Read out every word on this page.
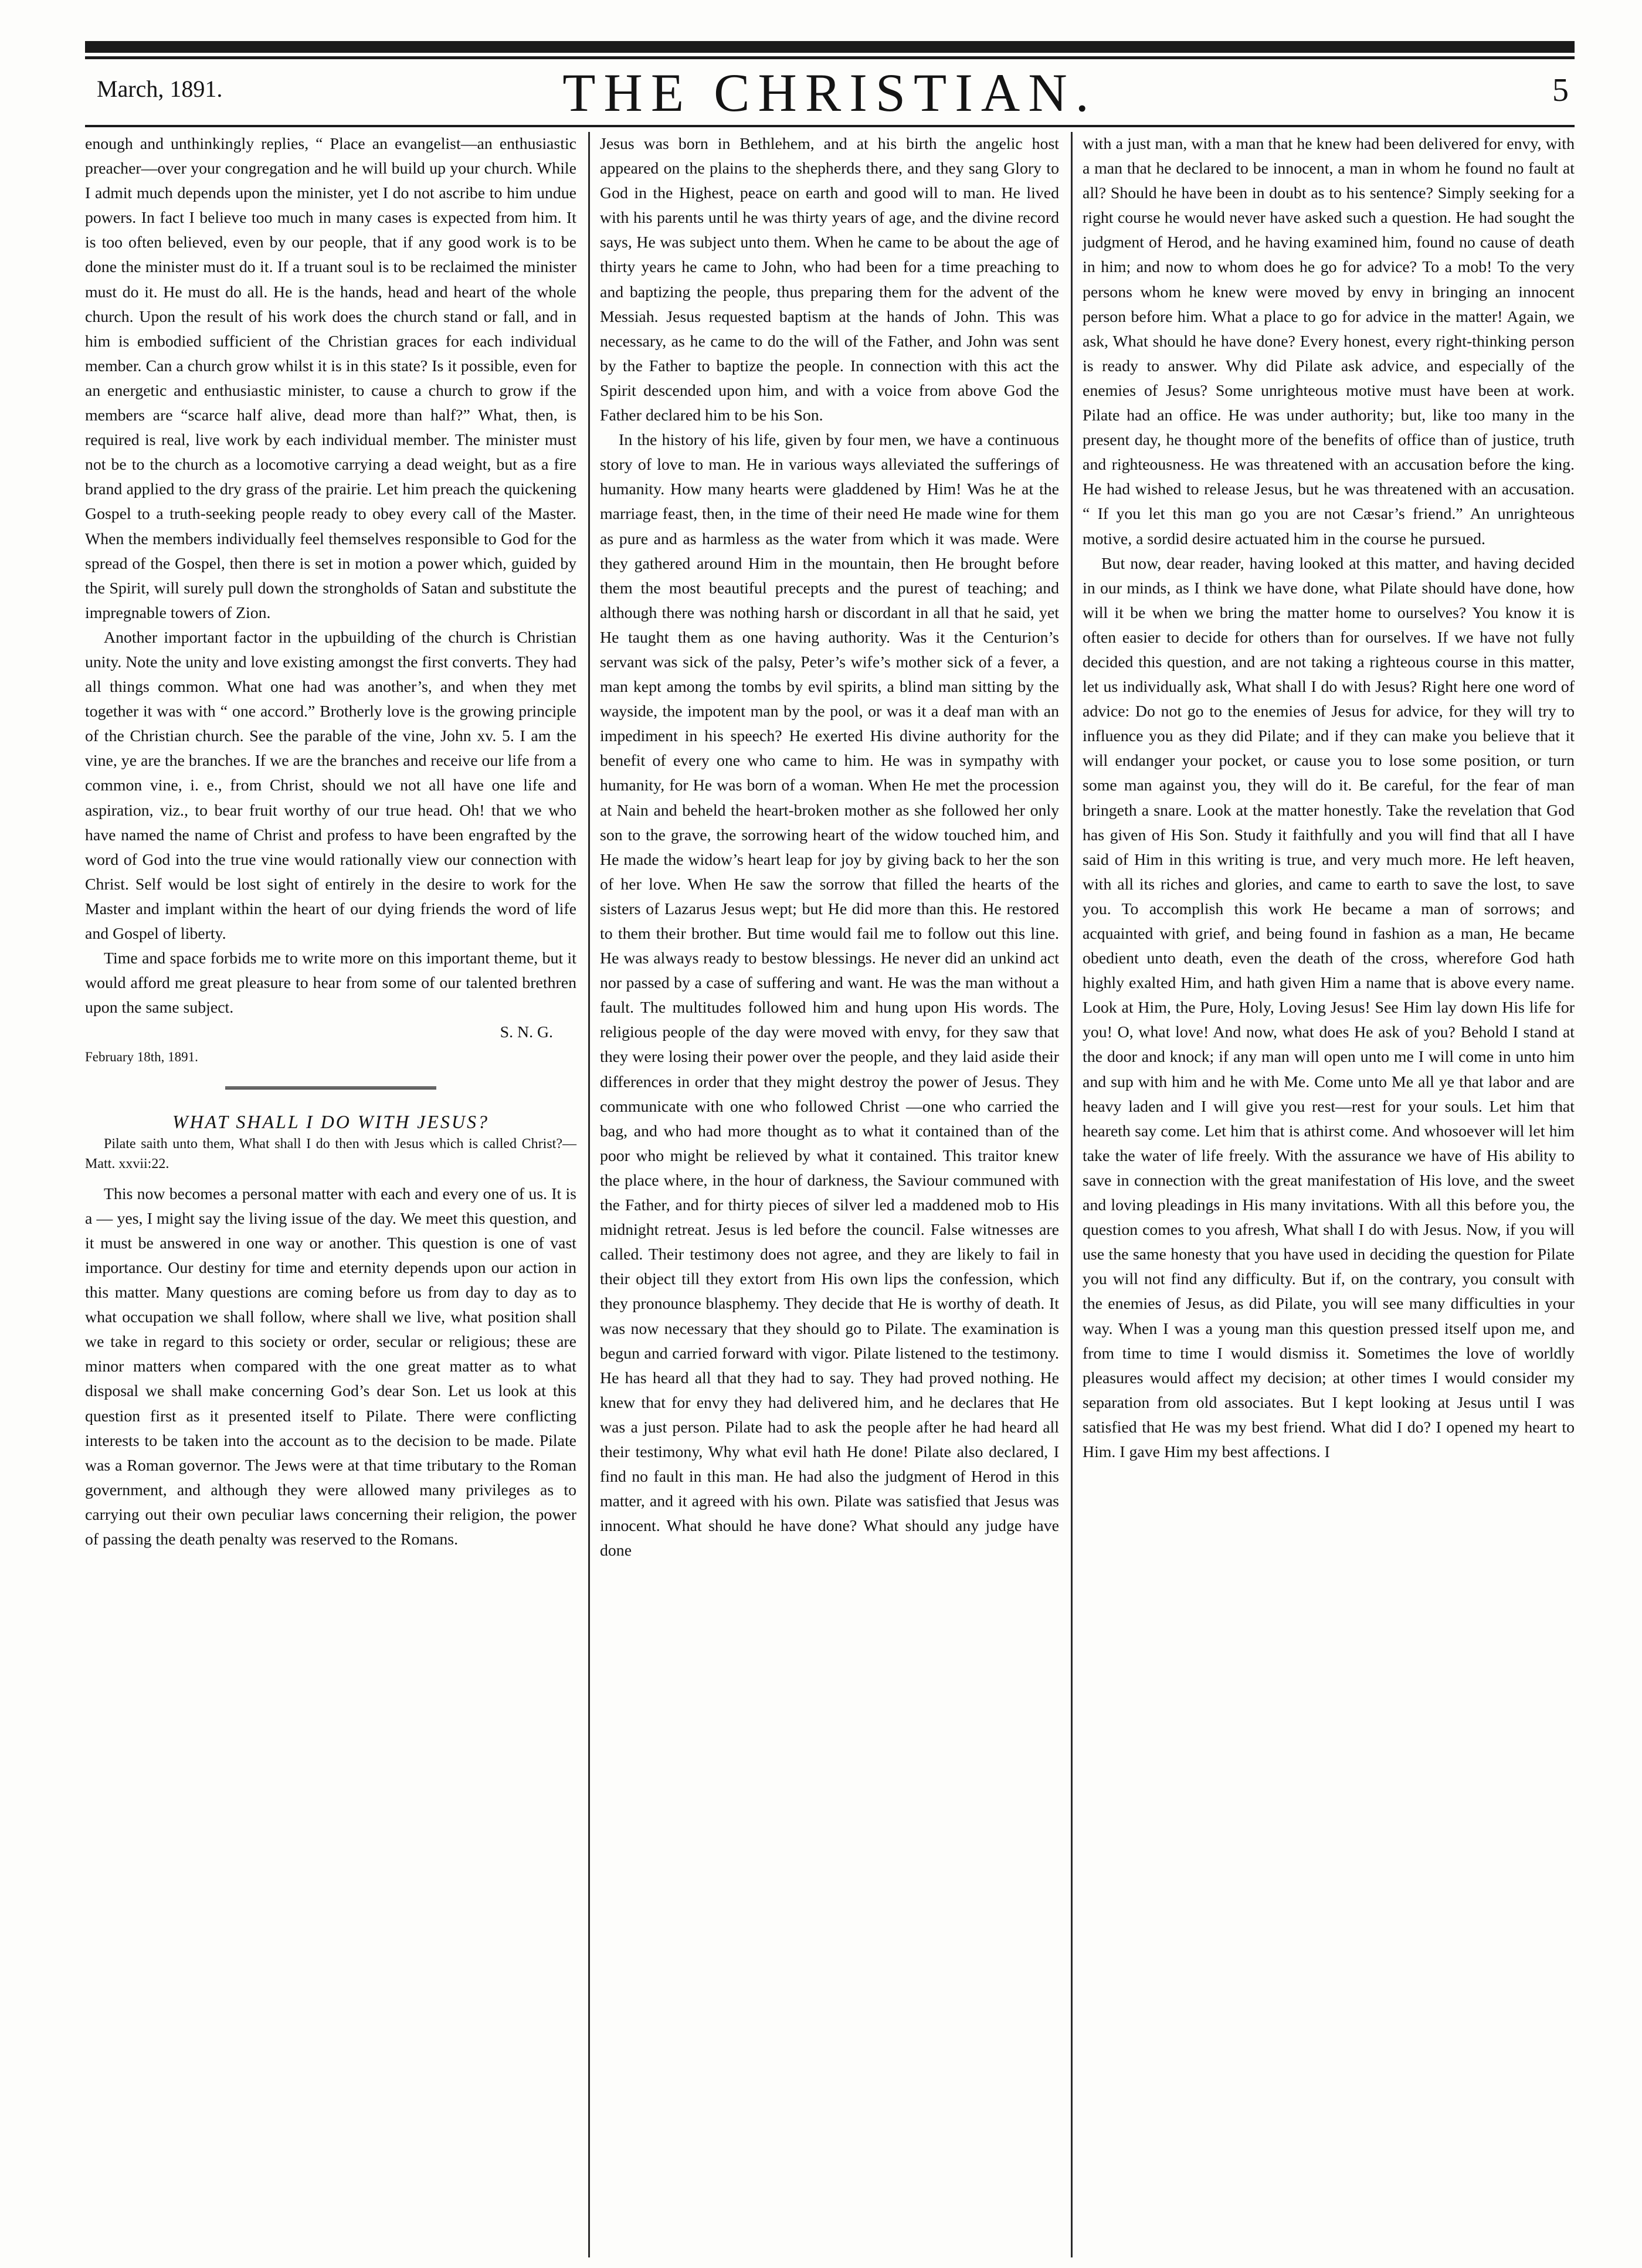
March, 1891.	THE CHRISTIAN.	5

enough and unthinkingly replies, “ Place an evangelist—an enthusiastic preacher—over your congregation and he will build up your church. While I admit much depends upon the minister, yet I do not ascribe to him undue powers. In fact I believe too much in many cases is expected from him. It is too often believed, even by our people, that if any good work is to be done the minister must do it. If a truant soul is to be reclaimed the minister must do it. He must do all. He is the hands, head and heart of the whole church. Upon the result of his work does the church stand or fall, and in him is embodied sufficient of the Christian graces for each individual member. Can a church grow whilst it is in this state? Is it possible, even for an energetic and enthusiastic minister, to cause a church to grow if the members are “scarce half alive, dead more than half?” What, then, is required is real, live work by each individual member. The minister must not be to the church as a locomotive carrying a dead weight, but as a fire brand applied to the dry grass of the prairie. Let him preach the quickening Gospel to a truth-seeking people ready to obey every call of the Master. When the members individually feel themselves responsible to God for the spread of the Gospel, then there is set in motion a power which, guided by the Spirit, will surely pull down the strongholds of Satan and substitute the impregnable towers of Zion.

Another important factor in the upbuilding of the church is Christian unity. Note the unity and love existing amongst the first converts. They had all things common. What one had was another’s, and when they met together it was with “ one accord.” Brotherly love is the growing principle of the Christian church. See the parable of the vine, John xv. 5. I am the vine, ye are the branches. If we are the branches and receive our life from a common vine, i. e., from Christ, should we not all have one life and aspiration, viz., to bear fruit worthy of our true head. Oh! that we who have named the name of Christ and profess to have been engrafted by the word of God into the true vine would rationally view our connection with Christ. Self would be lost sight of entirely in the desire to work for the Master and implant within the heart of our dying friends the word of life and Gospel of liberty.

Time and space forbids me to write more on this important theme, but it would afford me great pleasure to hear from some of our talented brethren upon the same subject.

S. N. G.

February 18th, 1891.

WHAT SHALL I DO WITH JESUS?

Pilate saith unto them, What shall I do then with Jesus which is called Christ?—Matt. xxvii:22.

This now becomes a personal matter with each and every one of us. It is a — yes, I might say the living issue of the day. We meet this question, and it must be answered in one way or another. This question is one of vast importance. Our destiny for time and eternity depends upon our action in this matter. Many questions are coming before us from day to day as to what occupation we shall follow, where shall we live, what position shall we take in regard to this society or order, secular or religious; these are minor matters when compared with the one great matter as to what disposal we shall make concerning God’s dear Son. Let us look at this question first as it presented itself to Pilate. There were conflicting interests to be taken into the account as to the decision to be made. Pilate was a Roman governor. The Jews were at that time tributary to the Roman government, and although they were allowed many privileges as to carrying out their own peculiar laws concerning their religion, the power of passing the death penalty was reserved to the Romans.

Jesus was born in Bethlehem, and at his birth the angelic host appeared on the plains to the shepherds there, and they sang Glory to God in the Highest, peace on earth and good will to man. He lived with his parents until he was thirty years of age, and the divine record says, He was subject unto them. When he came to be about the age of thirty years he came to John, who had been for a time preaching to and baptizing the people, thus preparing them for the advent of the Messiah. Jesus requested baptism at the hands of John. This was necessary, as he came to do the will of the Father, and John was sent by the Father to baptize the people. In connection with this act the Spirit descended upon him, and with a voice from above God the Father declared him to be his Son.

In the history of his life, given by four men, we have a continuous story of love to man. He in various ways alleviated the sufferings of humanity. How many hearts were gladdened by Him! Was he at the marriage feast, then, in the time of their need He made wine for them as pure and as harmless as the water from which it was made. Were they gathered around Him in the mountain, then He brought before them the most beautiful precepts and the purest of teaching; and although there was nothing harsh or discordant in all that he said, yet He taught them as one having authority. Was it the Centurion’s servant was sick of the palsy, Peter’s wife’s mother sick of a fever, a man kept among the tombs by evil spirits, a blind man sitting by the wayside, the impotent man by the pool, or was it a deaf man with an impediment in his speech? He exerted His divine authority for the benefit of every one who came to him. He was in sympathy with humanity, for He was born of a woman. When He met the procession at Nain and beheld the heart-broken mother as she followed her only son to the grave, the sorrowing heart of the widow touched him, and He made the widow’s heart leap for joy by giving back to her the son of her love. When He saw the sorrow that filled the hearts of the sisters of Lazarus Jesus wept; but He did more than this. He restored to them their brother. But time would fail me to follow out this line. He was always ready to bestow blessings. He never did an unkind act nor passed by a case of suffering and want. He was the man without a fault. The multitudes followed him and hung upon His words. The religious people of the day were moved with envy, for they saw that they were losing their power over the people, and they laid aside their differences in order that they might destroy the power of Jesus. They communicate with one who followed Christ —one who carried the bag, and who had more thought as to what it contained than of the poor who might be relieved by what it contained. This traitor knew the place where, in the hour of darkness, the Saviour communed with the Father, and for thirty pieces of silver led a maddened mob to His midnight retreat. Jesus is led before the council. False witnesses are called. Their testimony does not agree, and they are likely to fail in their object till they extort from His own lips the confession, which they pronounce blasphemy. They decide that He is worthy of death. It was now necessary that they should go to Pilate. The examination is begun and carried forward with vigor. Pilate listened to the testimony. He has heard all that they had to say. They had proved nothing. He knew that for envy they had delivered him, and he declares that He was a just person. Pilate had to ask the people after he had heard all their testimony, Why what evil hath He done! Pilate also declared, I find no fault in this man. He had also the judgment of Herod in this matter, and it agreed with his own. Pilate was satisfied that Jesus was innocent. What should he have done? What should any judge have done

with a just man, with a man that he knew had been delivered for envy, with a man that he declared to be innocent, a man in whom he found no fault at all? Should he have been in doubt as to his sentence? Simply seeking for a right course he would never have asked such a question. He had sought the judgment of Herod, and he having examined him, found no cause of death in him; and now to whom does he go for advice? To a mob! To the very persons whom he knew were moved by envy in bringing an innocent person before him. What a place to go for advice in the matter! Again, we ask, What should he have done? Every honest, every right-thinking person is ready to answer. Why did Pilate ask advice, and especially of the enemies of Jesus? Some unrighteous motive must have been at work. Pilate had an office. He was under authority; but, like too many in the present day, he thought more of the benefits of office than of justice, truth and righteousness. He was threatened with an accusation before the king. He had wished to release Jesus, but he was threatened with an accusation. “ If you let this man go you are not Cæsar’s friend.” An unrighteous motive, a sordid desire actuated him in the course he pursued.

But now, dear reader, having looked at this matter, and having decided in our minds, as I think we have done, what Pilate should have done, how will it be when we bring the matter home to ourselves? You know it is often easier to decide for others than for ourselves. If we have not fully decided this question, and are not taking a righteous course in this matter, let us individually ask, What shall I do with Jesus? Right here one word of advice: Do not go to the enemies of Jesus for advice, for they will try to influence you as they did Pilate; and if they can make you believe that it will endanger your pocket, or cause you to lose some position, or turn some man against you, they will do it. Be careful, for the fear of man bringeth a snare. Look at the matter honestly. Take the revelation that God has given of His Son. Study it faithfully and you will find that all I have said of Him in this writing is true, and very much more. He left heaven, with all its riches and glories, and came to earth to save the lost, to save you. To accomplish this work He became a man of sorrows; and acquainted with grief, and being found in fashion as a man, He became obedient unto death, even the death of the cross, wherefore God hath highly exalted Him, and hath given Him a name that is above every name. Look at Him, the Pure, Holy, Loving Jesus! See Him lay down His life for you! O, what love! And now, what does He ask of you? Behold I stand at the door and knock; if any man will open unto me I will come in unto him and sup with him and he with Me. Come unto Me all ye that labor and are heavy laden and I will give you rest—rest for your souls. Let him that heareth say come. Let him that is athirst come. And whosoever will let him take the water of life freely. With the assurance we have of His ability to save in connection with the great manifestation of His love, and the sweet and loving pleadings in His many invitations. With all this before you, the question comes to you afresh, What shall I do with Jesus. Now, if you will use the same honesty that you have used in deciding the question for Pilate you will not find any difficulty. But if, on the contrary, you consult with the enemies of Jesus, as did Pilate, you will see many difficulties in your way. When I was a young man this question pressed itself upon me, and from time to time I would dismiss it. Sometimes the love of worldly pleasures would affect my decision; at other times I would consider my separation from old associates. But I kept looking at Jesus until I was satisfied that He was my best friend. What did I do? I opened my heart to Him. I gave Him my best affections. I
